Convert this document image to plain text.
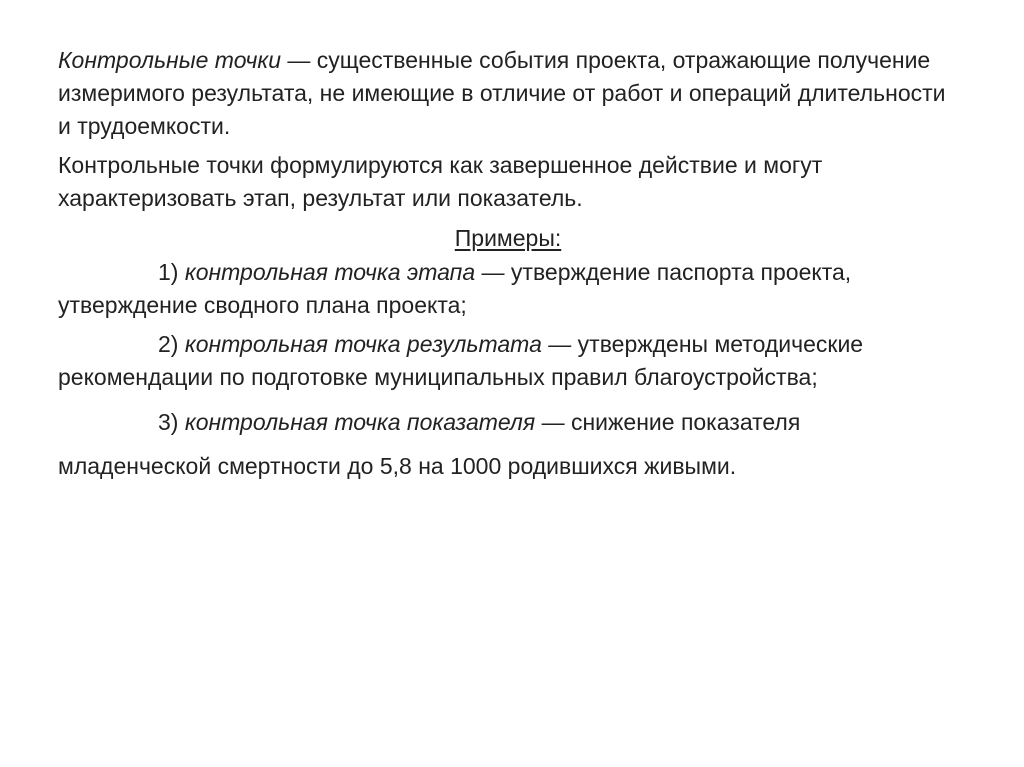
Контрольные точки — существенные события проекта, отражающие получение измеримого результата, не имеющие в отличие от работ и операций длительности и трудоемкости.

Контрольные точки формулируются как завершенное действие и могут характеризовать этап, результат или показатель.

Примеры:

1) контрольная точка этапа — утверждение паспорта проекта, утверждение сводного плана проекта;

2) контрольная точка результата — утверждены методические рекомендации по подготовке муниципальных правил благоустройства;

3) контрольная точка показателя — снижение показателя младенческой смертности до 5,8 на 1000 родившихся живыми.
